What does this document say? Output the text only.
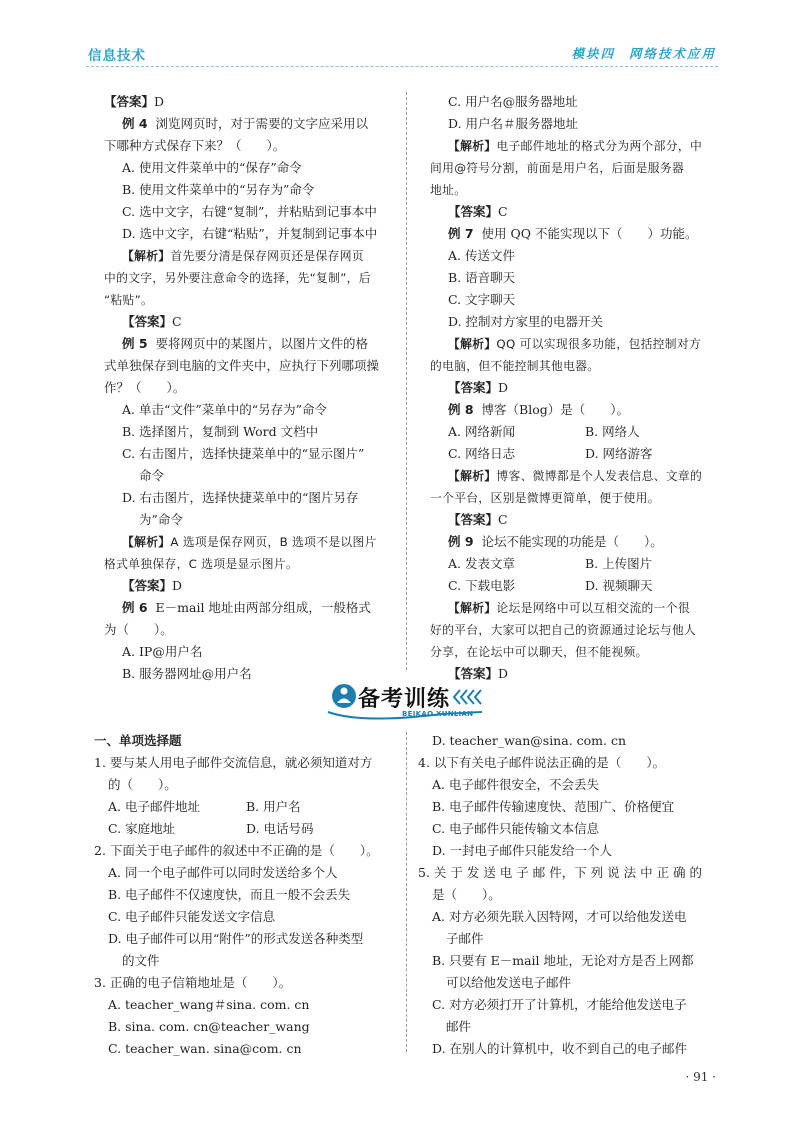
信息技术	模块四 网络技术应用
【答案】D
例 4 浏览网页时，对于需要的文字应采用以
下哪种方式保存下来？（　　）。
A. 使用文件菜单中的“保存”命令
B. 使用文件菜单中的“另存为”命令
C. 选中文字，右键“复制”，并粘贴到记事本中
D. 选中文字，右键“粘贴”，并复制到记事本中
【解析】首先要分清是保存网页还是保存网页
中的文字，另外要注意命令的选择，先“复制”，后
“粘贴”。
【答案】C
例 5 要将网页中的某图片，以图片文件的格
式单独保存到电脑的文件夹中，应执行下列哪项操
作？（　　）。
A. 单击“文件”菜单中的“另存为”命令
B. 选择图片，复制到 Word 文档中
C. 右击图片，选择快捷菜单中的“显示图片”
命令
D. 右击图片，选择快捷菜单中的“图片另存
为”命令
【解析】A 选项是保存网页，B 选项不是以图片
格式单独保存，C 选项是显示图片。
【答案】D
例 6 E－mail 地址由两部分组成，一般格式
为（　　）。
A. IP@用户名
B. 服务器网址@用户名
C. 用户名@服务器地址
D. 用户名＃服务器地址
【解析】电子邮件地址的格式分为两个部分，中
间用@符号分割，前面是用户名，后面是服务器
地址。
【答案】C
例 7 使用 QQ 不能实现以下（　　）功能。
A. 传送文件
B. 语音聊天
C. 文字聊天
D. 控制对方家里的电器开关
【解析】QQ 可以实现很多功能，包括控制对方
的电脑，但不能控制其他电器。
【答案】D
例 8 博客（Blog）是（　　）。
A. 网络新闻	B. 网络人
C. 网络日志	D. 网络游客
【解析】博客、微博都是个人发表信息、文章的
一个平台，区别是微博更简单，便于使用。
【答案】C
例 9 论坛不能实现的功能是（　　）。
A. 发表文章	B. 上传图片
C. 下载电影	D. 视频聊天
【解析】论坛是网络中可以互相交流的一个很
好的平台，大家可以把自己的资源通过论坛与他人
分享，在论坛中可以聊天，但不能视频。
【答案】D
备考训练
BEIKAO XUNLIAN
一、单项选择题
1. 要与某人用电子邮件交流信息，就必须知道对方
的（　　）。
A. 电子邮件地址	B. 用户名
C. 家庭地址	D. 电话号码
2. 下面关于电子邮件的叙述中不正确的是（　　）。
A. 同一个电子邮件可以同时发送给多个人
B. 电子邮件不仅速度快，而且一般不会丢失
C. 电子邮件只能发送文字信息
D. 电子邮件可以用“附件”的形式发送各种类型
的文件
3. 正确的电子信箱地址是（　　）。
A. teacher_wang＃sina. com. cn
B. sina. com. cn@teacher_wang
C. teacher_wan. sina@com. cn
D. teacher_wan@sina. com. cn
4. 以下有关电子邮件说法正确的是（　　）。
A. 电子邮件很安全，不会丢失
B. 电子邮件传输速度快、范围广、价格便宜
C. 电子邮件只能传输文本信息
D. 一封电子邮件只能发给一个人
5. 关 于 发 送 电 子 邮 件，下 列 说 法 中 正 确 的
是（　　）。
A. 对方必须先联入因特网，才可以给他发送电
子邮件
B. 只要有 E－mail 地址，无论对方是否上网都
可以给他发送电子邮件
C. 对方必须打开了计算机，才能给他发送电子
邮件
D. 在别人的计算机中，收不到自己的电子邮件
· 91 ·
